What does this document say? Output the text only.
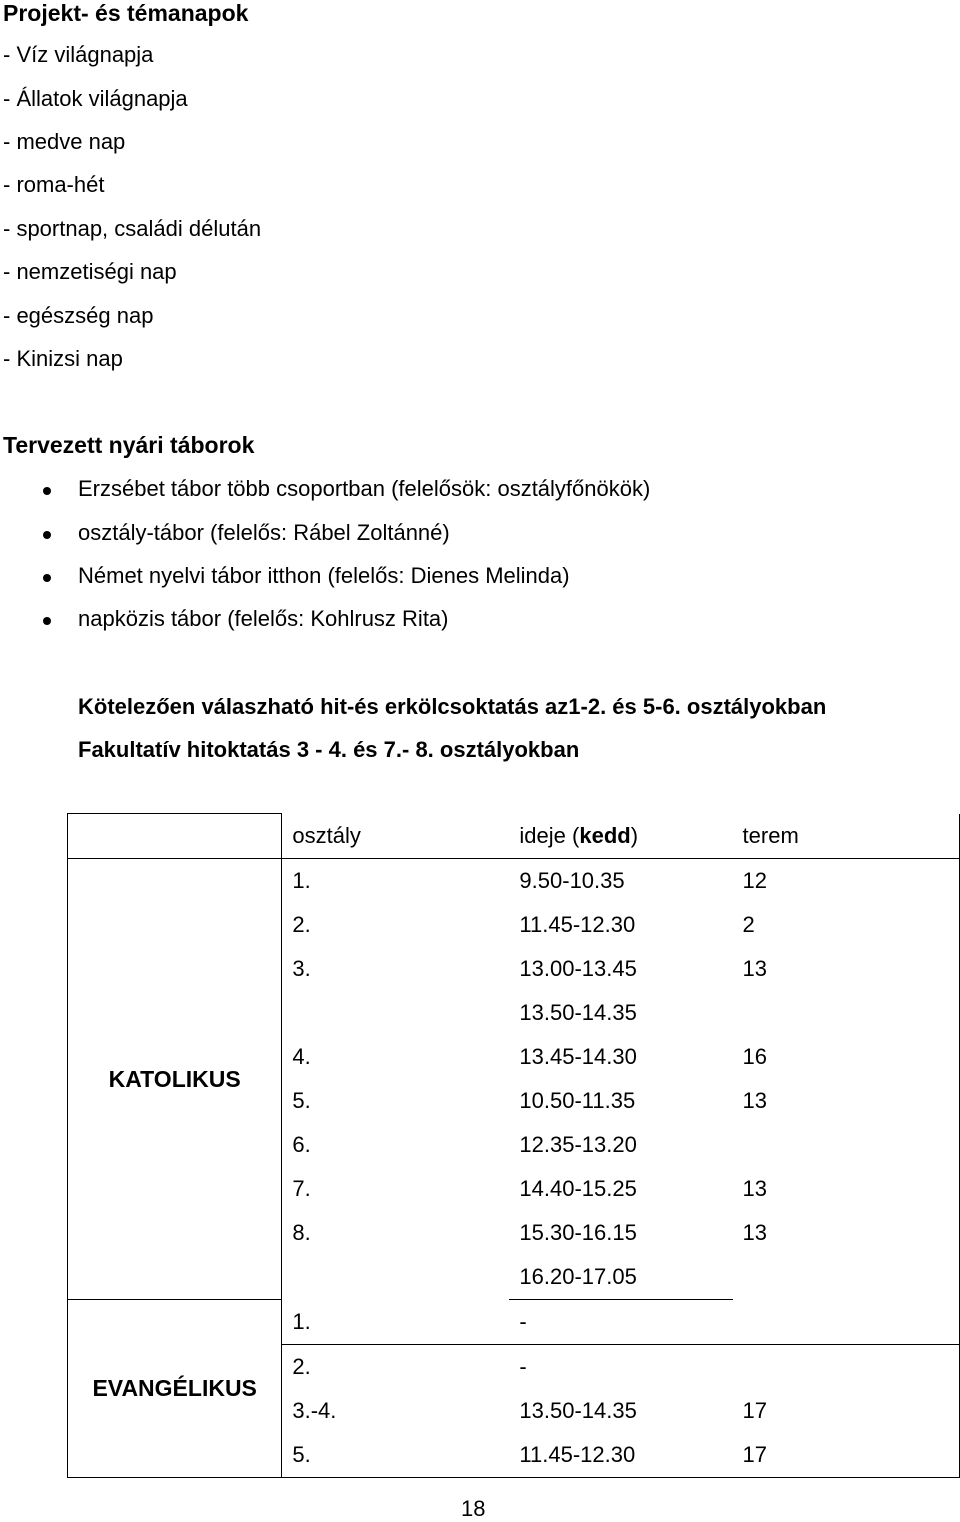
Projekt- és témanapok
- Víz világnapja
- Állatok világnapja
- medve nap
- roma-hét
- sportnap, családi délután
- nemzetiségi nap
- egészség nap
- Kinizsi nap
Tervezett nyári táborok
Erzsébet tábor több csoportban (felelősök: osztályfőnökök)
osztály-tábor (felelős: Rábel Zoltánné)
Német nyelvi tábor itthon (felelős: Dienes Melinda)
napközis tábor (felelős: Kohlrusz Rita)
Kötelezően válaszható hit-és erkölcsoktatás az1-2. és 5-6. osztályokban
Fakultatív hitoktatás 3 - 4. és 7.- 8. osztályokban

	osztály	ideje (kedd)	terem

KATOLIKUS	1.	9.50-10.35	12

	2.	11.45-12.30	2

	3.	13.00-13.45	13

		13.50-14.35	

	4.	13.45-14.30	16

	5.	10.50-11.35	13

	6.	12.35-13.20	

	7.	14.40-15.25	13

	8.	15.30-16.15	13

		16.20-17.05	

EVANGÉLIKUS	1.	-	

	2.	-	

	3.-4.	13.50-14.35	17

	5.	11.45-12.30	17
18
